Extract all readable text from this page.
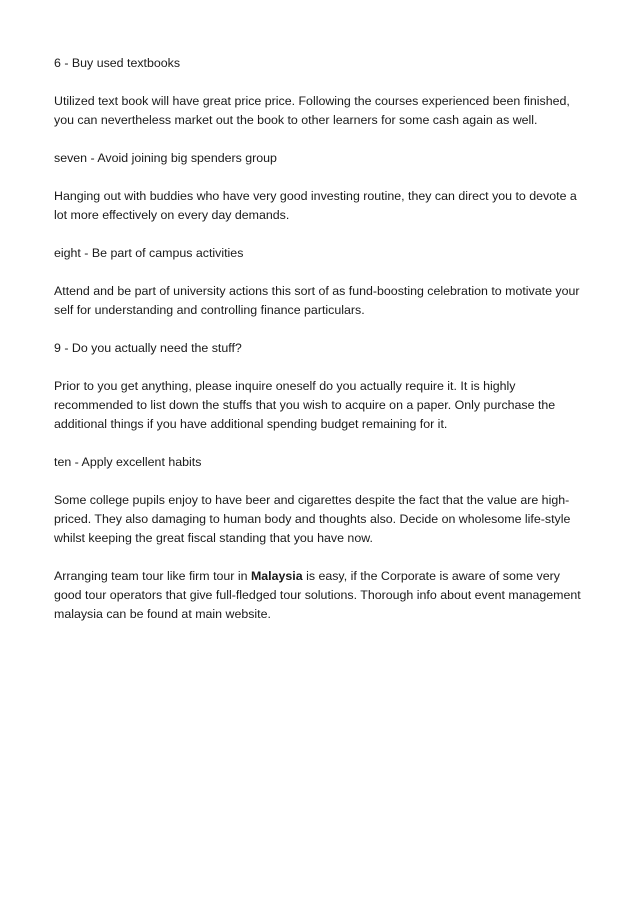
6 - Buy used textbooks

Utilized text book will have great price price. Following the courses experienced been finished, you can nevertheless market out the book to other learners for some cash again as well.

seven - Avoid joining big spenders group

Hanging out with buddies who have very good investing routine, they can direct you to devote a lot more effectively on every day demands.

eight - Be part of campus activities

Attend and be part of university actions this sort of as fund-boosting celebration to motivate your self for understanding and controlling finance particulars.

9 - Do you actually need the stuff?

Prior to you get anything, please inquire oneself do you actually require it. It is highly recommended to list down the stuffs that you wish to acquire on a paper. Only purchase the additional things if you have additional spending budget remaining for it.

ten - Apply excellent habits

Some college pupils enjoy to have beer and cigarettes despite the fact that the value are high-priced. They also damaging to human body and thoughts also. Decide on wholesome life-style whilst keeping the great fiscal standing that you have now.

Arranging team tour like firm tour in Malaysia is easy, if the Corporate is aware of some very good tour operators that give full-fledged tour solutions. Thorough info about event management malaysia can be found at main website.
